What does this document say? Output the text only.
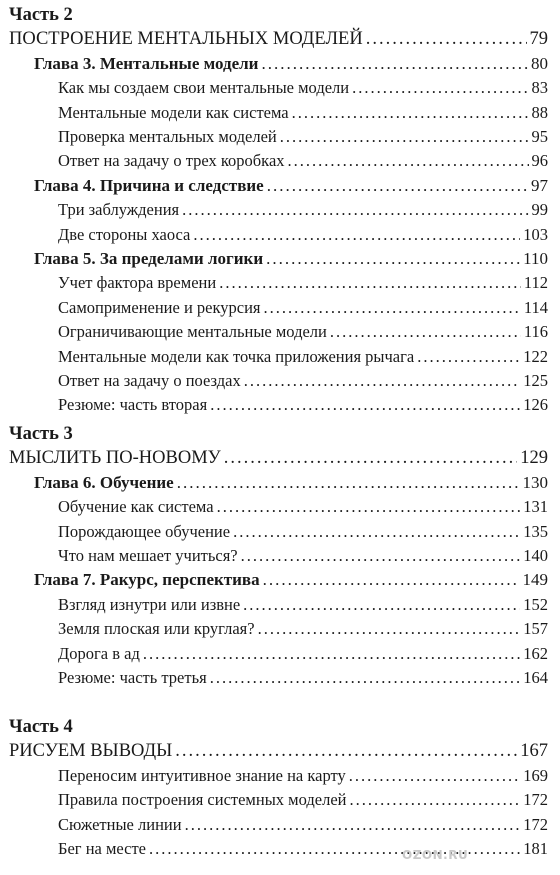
Часть 2
ПОСТРОЕНИЕ МЕНТАЛЬНЫХ МОДЕЛЕЙ .....	79
Глава 3. Ментальные модели .....	80
Как мы создаем свои ментальные модели .....	83
Ментальные модели как система .....	88
Проверка ментальных моделей .....	95
Ответ на задачу о трех коробках .....	96
Глава 4. Причина и следствие .....	97
Три заблуждения .....	99
Две стороны хаоса .....	103
Глава 5. За пределами логики .....	110
Учет фактора времени .....	112
Самоприменение и рекурсия .....	114
Ограничивающие ментальные модели .....	116
Ментальные модели как точка приложения рычага .....	122
Ответ на задачу о поездах .....	125
Резюме: часть вторая .....	126
Часть 3
МЫСЛИТЬ ПО-НОВОМУ .....	129
Глава 6. Обучение .....	130
Обучение как система .....	131
Порождающее обучение .....	135
Что нам мешает учиться? .....	140
Глава 7. Ракурс, перспектива .....	149
Взгляд изнутри или извне .....	152
Земля плоская или круглая? .....	157
Дорога в ад .....	162
Резюме: часть третья .....	164
Часть 4
РИСУЕМ ВЫВОДЫ .....	167
Переносим интуитивное знание на карту .....	169
Правила построения системных моделей .....	172
Сюжетные линии .....	172
Бег на месте .....	181
OZON.RU
